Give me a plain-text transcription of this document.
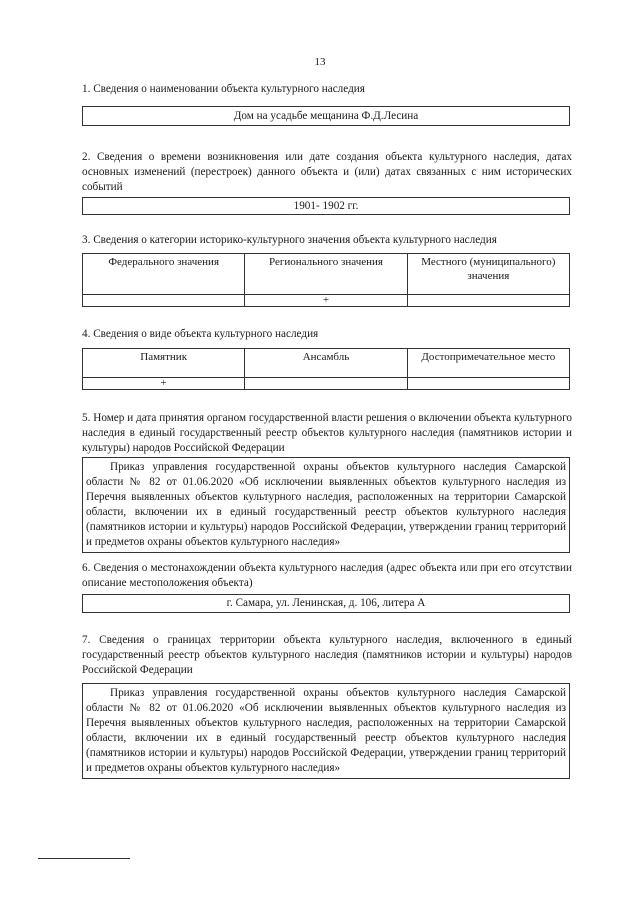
13
1. Сведения о наименовании объекта культурного наследия
Дом на усадьбе мещанина Ф.Д.Лесина
2. Сведения о времени возникновения или дате создания объекта культурного наследия, датах основных изменений (перестроек) данного объекта и (или) датах связанных с ним исторических событий
1901- 1902 гг.
3. Сведения о категории историко-культурного значения объекта культурного наследия
Федерального значения	Регионального значения	Местного (муниципального) значения
	+	
4. Сведения о виде объекта культурного наследия
Памятник	Ансамбль	Достопримечательное место
+		
5. Номер и дата принятия органом государственной власти решения о включении объекта культурного наследия в единый государственный реестр объектов культурного наследия (памятников истории и культуры) народов Российской Федерации
Приказ управления государственной охраны объектов культурного наследия Самарской области № 82 от 01.06.2020 «Об исключении выявленных объектов культурного наследия из Перечня выявленных объектов культурного наследия, расположенных на территории Самарской области, включении их в единый государственный реестр объектов культурного наследия (памятников истории и культуры) народов Российской Федерации, утверждении границ территорий и предметов охраны объектов культурного наследия»
6. Сведения о местонахождении объекта культурного наследия (адрес объекта или при его отсутствии описание местоположения объекта)
г. Самара, ул. Ленинская, д. 106, литера А
7. Сведения о границах территории объекта культурного наследия, включенного в единый государственный реестр объектов культурного наследия (памятников истории и культуры) народов Российской Федерации
Приказ управления государственной охраны объектов культурного наследия Самарской области № 82 от 01.06.2020 «Об исключении выявленных объектов культурного наследия из Перечня выявленных объектов культурного наследия, расположенных на территории Самарской области, включении их в единый государственный реестр объектов культурного наследия (памятников истории и культуры) народов Российской Федерации, утверждении границ территорий и предметов охраны объектов культурного наследия»
